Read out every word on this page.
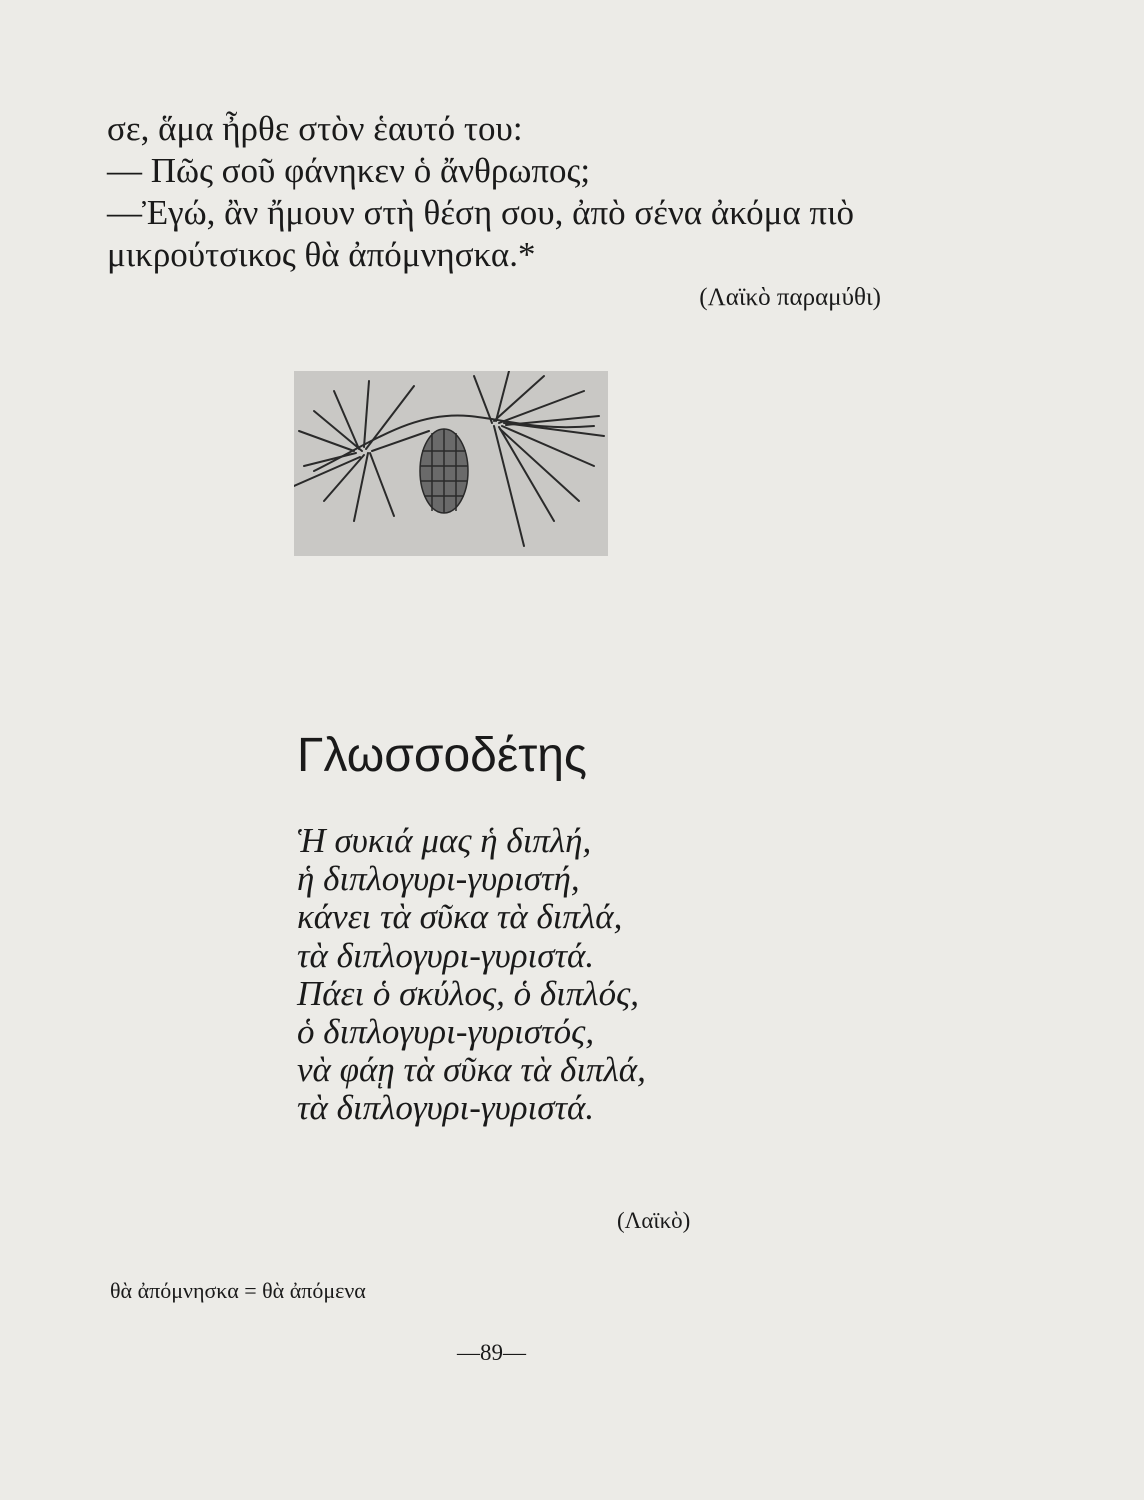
σε, ἅμα ἦρθε στὸν ἑαυτό του:

— Πῶς σοῦ φάνηκεν ὁ ἄνθρωπος;

—Ἐγώ, ἂν ἤμουν στὴ θέση σου, ἀπὸ σένα ἀκόμα πιὸ

μικρούτσικος θὰ ἀπόμνησκα.*

(Λαϊκὸ παραμύθι)
Γλωσσοδέτης
Ἡ συκιά μας ἡ διπλή,
ἡ διπλογυρι-γυριστή,
κάνει τὰ σῦκα τὰ διπλά,
τὰ διπλογυρι-γυριστά.
Πάει ὁ σκύλος, ὁ διπλός,
ὁ διπλογυρι-γυριστός,
νὰ φάῃ τὰ σῦκα τὰ διπλά,
τὰ διπλογυρι-γυριστά.
(Λαϊκὸ)
θὰ ἀπόμνησκα = θὰ ἀπόμενα
—89—
